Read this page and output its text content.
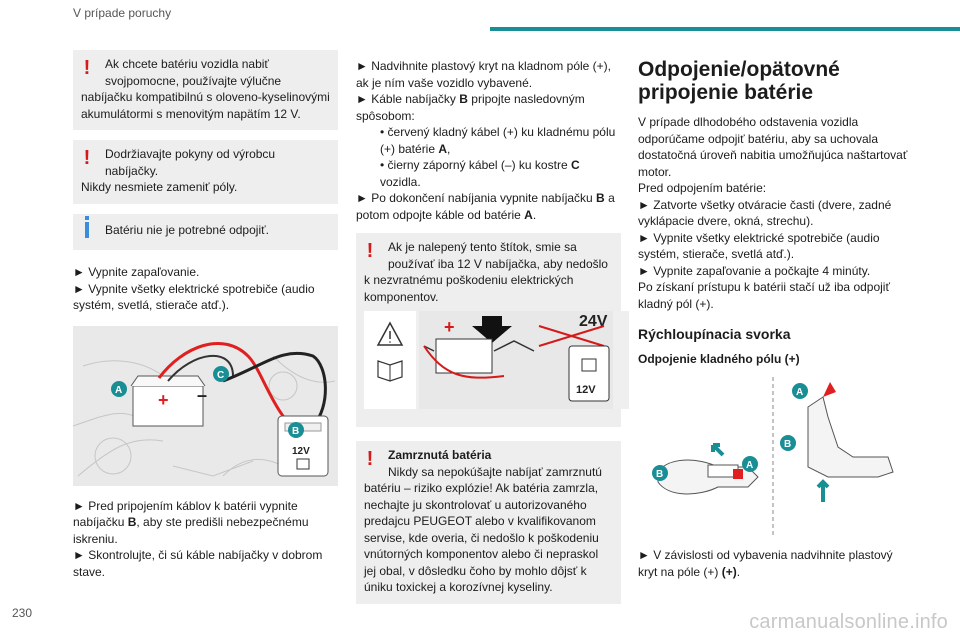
V prípade poruchy
!	Ak chcete batériu vozidla nabiť

svojpomocne, používajte výlučne

nabíjačku kompatibilnú s oloveno-kyselinovými akumulátormi s menovitým napätím 12 V.

!	Dodržiavajte pokyny od výrobcu

nabíjačky.

Nikdy nesmiete zameniť póly.

Batériu nie je potrebné odpojiť.

► Vypnite zapaľovanie.

► Vypnite všetky elektrické spotrebiče (audio systém, svetlá, stierače atď.).

12V
+ –
A
B
C

► Pred pripojením káblov k batérii vypnite nabíjačku B, aby ste predišli nebezpečnému iskreniu.

► Skontrolujte, či sú káble nabíjačky v dobrom stave.

► Nadvihnite plastový kryt na kladnom póle (+), ak je ním vaše vozidlo vybavené.

► Káble nabíjačky B pripojte nasledovným spôsobom:

• červený kladný kábel (+) ku kladnému pólu (+) batérie A,

• čierny záporný kábel (–) ku kostre C vozidla.

► Po dokončení nabíjania vypnite nabíjačku B a potom odpojte káble od batérie A.

!	Ak je nalepený tento štítok, smie sa

používať iba 12 V nabíjačka, aby nedošlo

k nezvratnému poškodeniu elektrických komponentov.

+	24V
12V
!	Zamrznutá batéria

Nikdy sa nepokúšajte nabíjať zamrznutú

batériu – riziko explózie! Ak batéria zamrzla, nechajte ju skontrolovať u autorizovaného predajcu PEUGEOT alebo v kvalifikovanom servise, kde overia, či nedošlo k poškodeniu vnútorných komponentov alebo či nepraskol jej obal, v dôsledku čoho by mohlo dôjsť k úniku toxickej a korozívnej kyseliny.

Odpojenie/opätovné pripojenie batérie

V prípade dlhodobého odstavenia vozidla odporúčame odpojiť batériu, aby sa uchovala dostatočná úroveň nabitia umožňujúca naštartovať motor.

Pred odpojením batérie:

► Zatvorte všetky otváracie časti (dvere, zadné vyklápacie dvere, okná, strechu).

► Vypnite všetky elektrické spotrebiče (audio systém, stierače, svetlá atď.).

► Vypnite zapaľovanie a počkajte 4 minúty.

Po získaní prístupu k batérii stačí už iba odpojiť kladný pól (+).

Rýchloupínacia svorka
Odpojenie kladného pólu (+)
B
A
A
B

► V závislosti od vybavenia nadvihnite plastový kryt na póle (+) (+).

230	carmanualsonline.info
